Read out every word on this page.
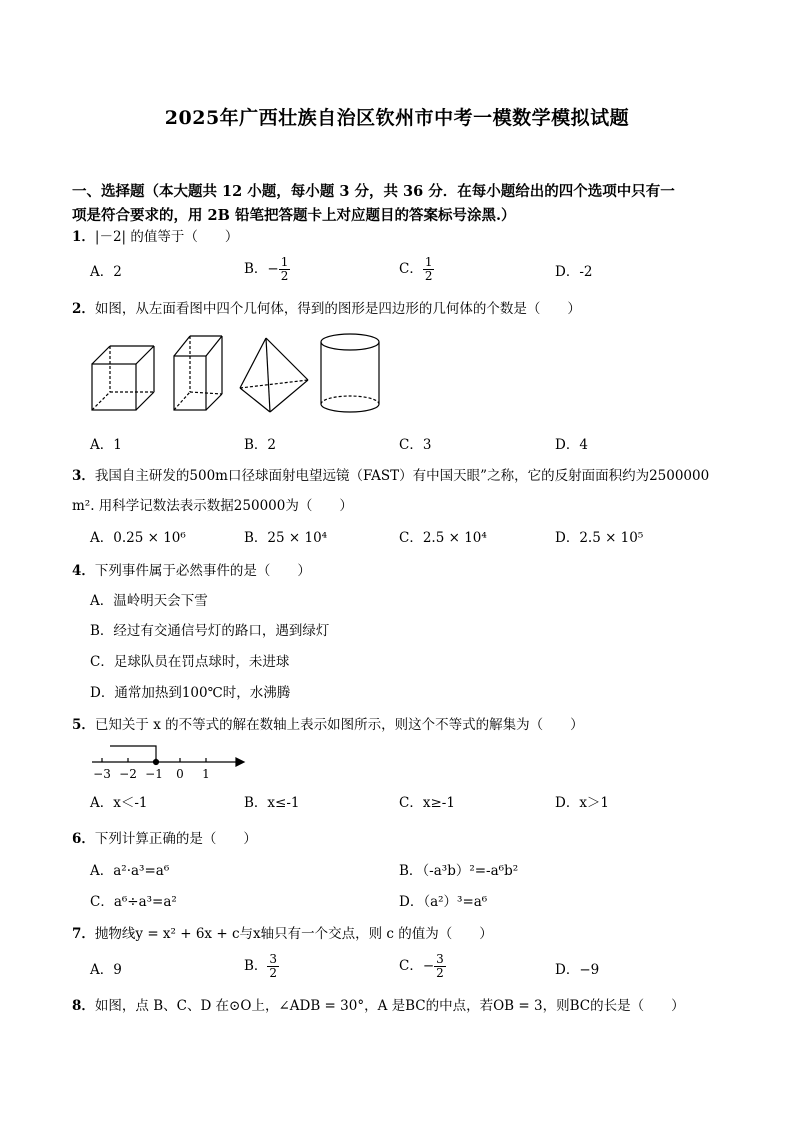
2025年广西壮族自治区钦州市中考一模数学模拟试题
一、选择题（本大题共 12 小题，每小题 3 分，共 36 分．在每小题给出的四个选项中只有一
项是符合要求的，用 2B 铅笔把答题卡上对应题目的答案标号涂黑.）
1．|－2| 的值等于（　　）
A．2	B．− $\frac{1}{2}$	C． $\frac{1}{2}$	D．-2
2．如图，从左面看图中四个几何体，得到的图形是四边形的几何体的个数是（　　）
A．1	B．2	C．3	D．4
3．我国自主研发的500m口径球面射电望远镜（FAST）有中国天眼”之称，它的反射面面积约为2500000
m². 用科学记数法表示数据250000为（　　）
A．0.25 × 10⁶	B．25 × 10⁴	C．2.5 × 10⁴	D．2.5 × 10⁵
4．下列事件属于必然事件的是（　　）
A．温岭明天会下雪
B．经过有交通信号灯的路口，遇到绿灯
C．足球队员在罚点球时，未进球
D．通常加热到100℃时，水沸腾
5．已知关于 x 的不等式的解在数轴上表示如图所示，则这个不等式的解集为（　　）
−3 −2 −1 0 1
A．x＜-1	B．x≤-1	C．x≥-1	D．x＞1
6．下列计算正确的是（　　）
A．a²·a³=a⁶	B．（-a³b）²=-a⁶b²
C．a⁶÷a³=a²	D．（a²）³=a⁶
7．抛物线y = x² + 6x + c与x轴只有一个交点，则 c 的值为（　　）
A．9	B． $\frac{3}{2}$	C．− $\frac{3}{2}$	D．−9
8．如图，点 B、C、D 在⊙O上，∠ADB = 30°，A 是BC的中点，若OB = 3，则BC的长是（　　）
